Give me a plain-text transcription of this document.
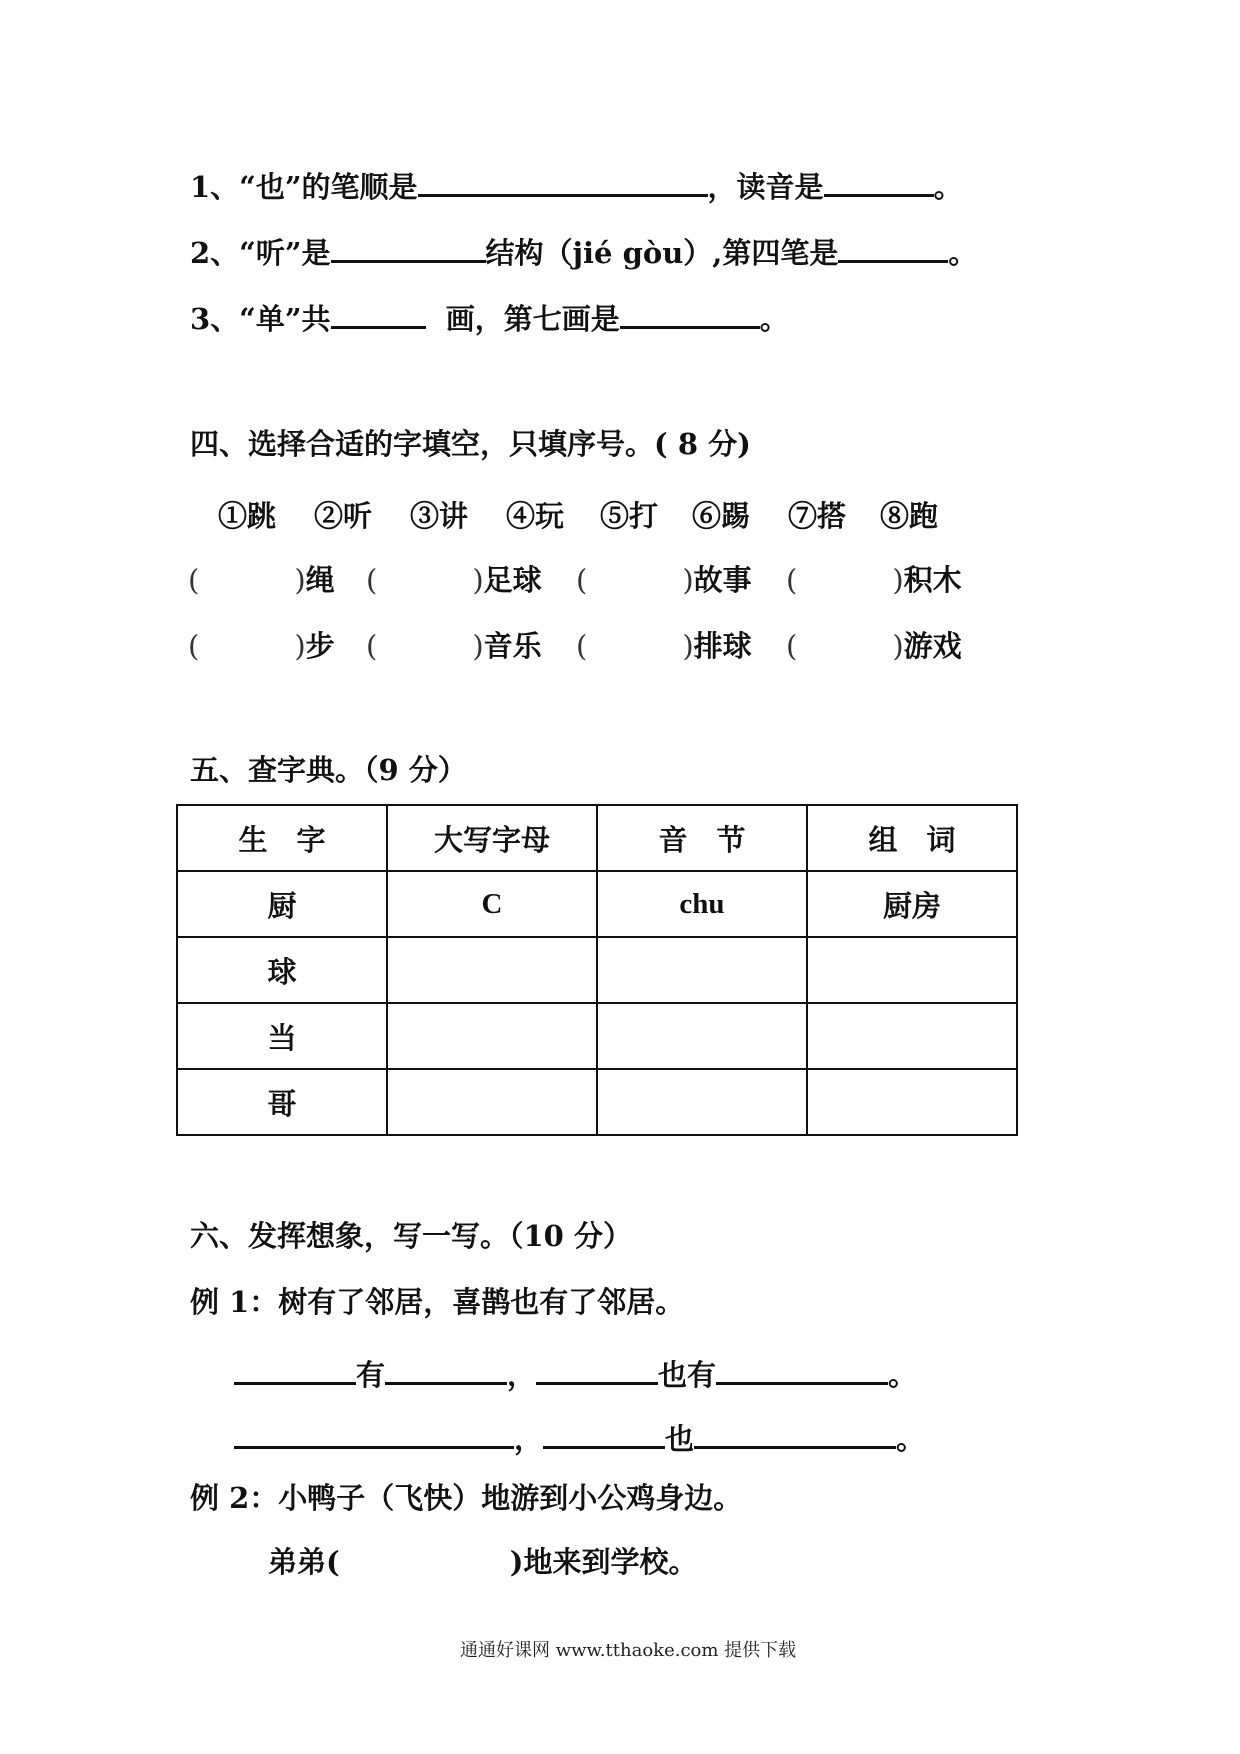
1、“也”的笔顺是	，读音是	。
2、“听”是	结构（jié gòu）,第四笔是	。
3、“单”共	画，第七画是	。
四、选择合适的字填空，只填序号。( 8 分)
①跳 ②听 ③讲 ④玩 ⑤打 ⑥踢 ⑦搭 ⑧跑
(	)绳 (	)足球 (	)故事 (	)积木
(	)步 (	)音乐 (	)排球 (	)游戏
五、查字典。（9 分）
生　字	大写字母	音　节	组　词
厨	C	chu	厨房
球			
当			
哥			
六、发挥想象，写一写。（10 分）
例 1：树有了邻居，喜鹊也有了邻居。
有	，	也有	。
，	也	。
例 2：小鸭子（飞快）地游到小公鸡身边。
弟弟(	)地来到学校。
通通好课网 www.tthaoke.com 提供下载
